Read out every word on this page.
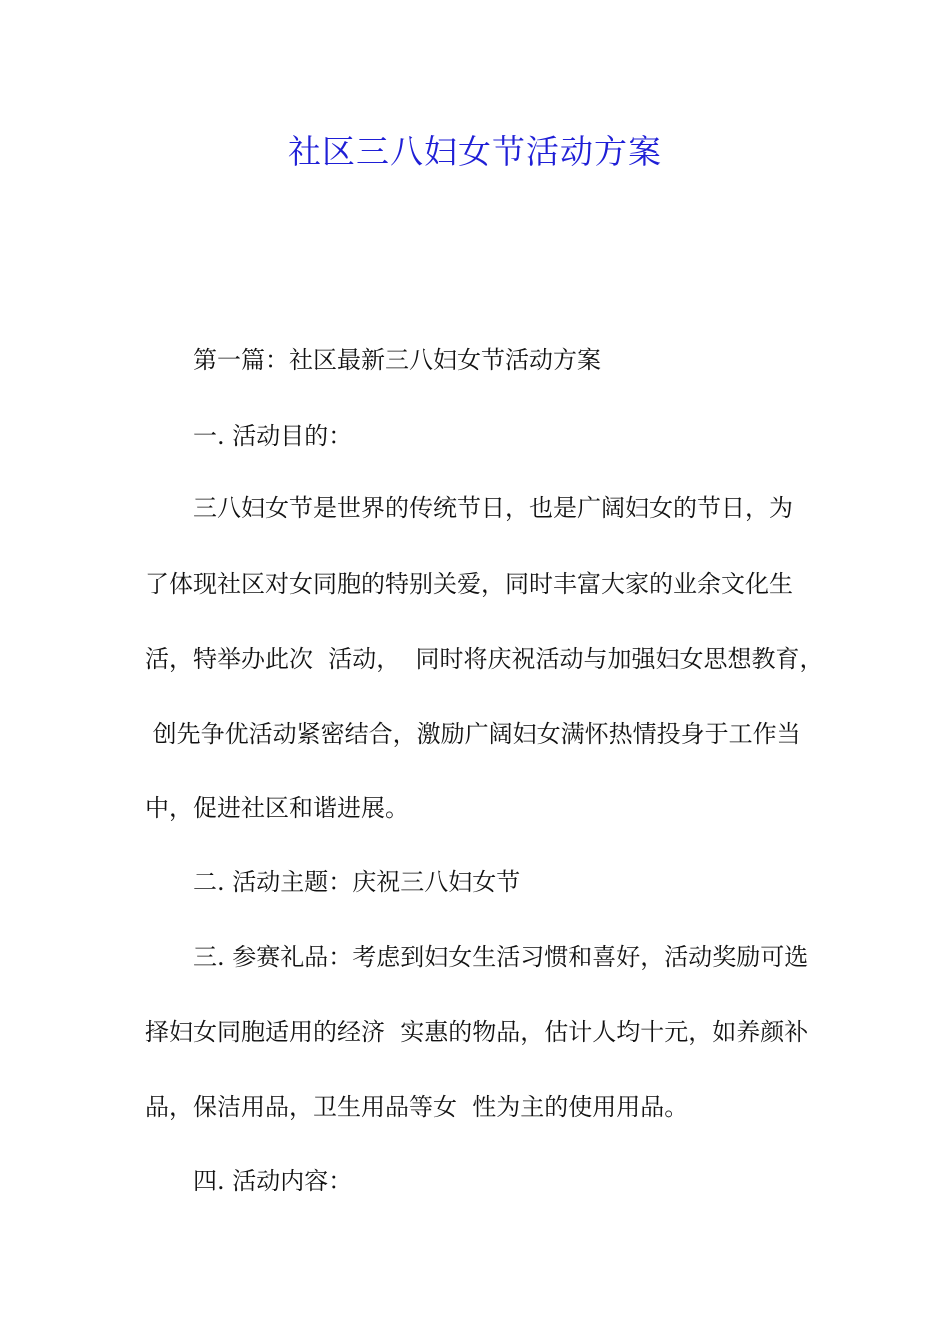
社区三八妇女节活动方案

第一篇：社区最新三八妇女节活动方案

一. 活动目的：

三八妇女节是世界的传统节日，也是广阔妇女的节日，为

了体现社区对女同胞的特别关爱，同时丰富大家的业余文化生

活，特举办此次  活动，  同时将庆祝活动与加强妇女思想教育，

创先争优活动紧密结合，激励广阔妇女满怀热情投身于工作当

中，促进社区和谐进展。

二. 活动主题：庆祝三八妇女节

三. 参赛礼品：考虑到妇女生活习惯和喜好，活动奖励可选

择妇女同胞适用的经济  实惠的物品，估计人均十元，如养颜补

品，保洁用品，卫生用品等女  性为主的使用用品。

四. 活动内容：
